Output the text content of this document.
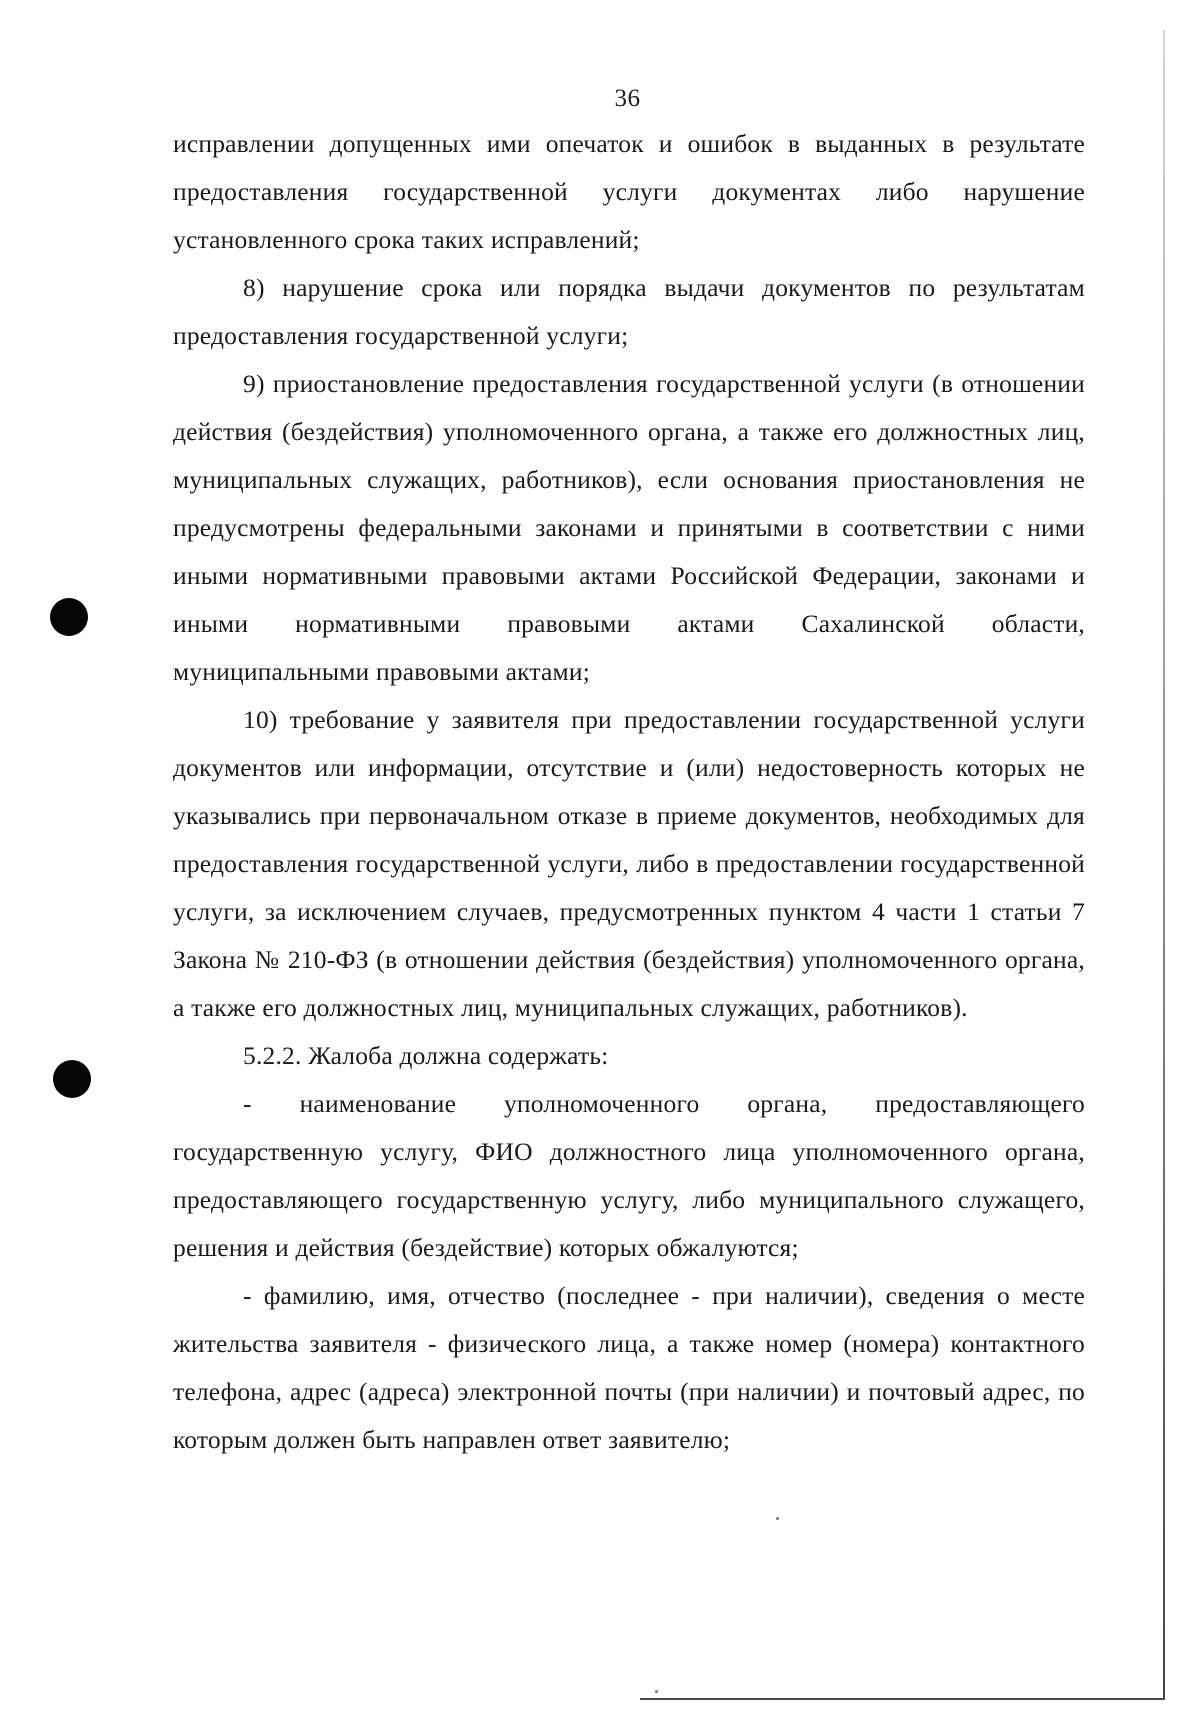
36

исправлении допущенных ими опечаток и ошибок в выданных в результате предоставления государственной услуги документах либо нарушение установленного срока таких исправлений;

8) нарушение срока или порядка выдачи документов по результатам предоставления государственной услуги;

9) приостановление предоставления государственной услуги (в отношении действия (бездействия) уполномоченного органа, а также его должностных лиц, муниципальных служащих, работников), если основания приостановления не предусмотрены федеральными законами и принятыми в соответствии с ними иными нормативными правовыми актами Российской Федерации, законами и иными нормативными правовыми актами Сахалинской области, муниципальными правовыми актами;

10) требование у заявителя при предоставлении государственной услуги документов или информации, отсутствие и (или) недостоверность которых не указывались при первоначальном отказе в приеме документов, необходимых для предоставления государственной услуги, либо в предоставлении государственной услуги, за исключением случаев, предусмотренных пунктом 4 части 1 статьи 7 Закона № 210-ФЗ (в отношении действия (бездействия) уполномоченного органа, а также его должностных лиц, муниципальных служащих, работников).

5.2.2. Жалоба должна содержать:

- наименование уполномоченного органа, предоставляющего государственную услугу, ФИО должностного лица уполномоченного органа, предоставляющего государственную услугу, либо муниципального служащего, решения и действия (бездействие) которых обжалуются;

- фамилию, имя, отчество (последнее - при наличии), сведения о месте жительства заявителя - физического лица, а также номер (номера) контактного телефона, адрес (адреса) электронной почты (при наличии) и почтовый адрес, по которым должен быть направлен ответ заявителю;
